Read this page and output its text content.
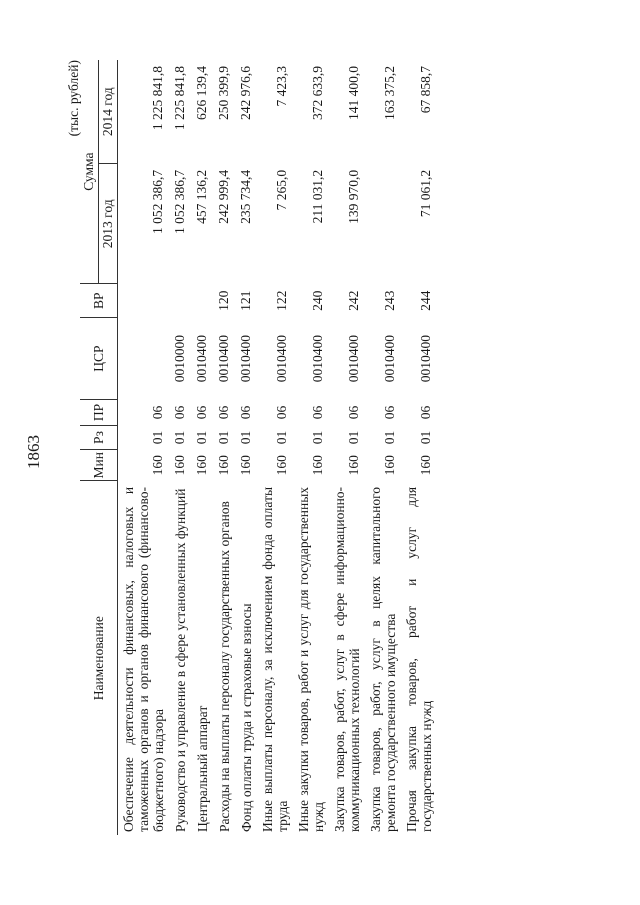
1863
(тыс. рублей)
Наименование	Мин	Рз	ПР	ЦСР	ВР	Сумма	
						2013 год	2014 год
Обеспечение деятельности финансовых, налоговых и таможенных органов и органов финансового (финансово-бюджетного) надзора	160	01	06			1 052 386,7	1 225 841,8
Руководство и управление в сфере установленных функций	160	01	06	0010000		1 052 386,7	1 225 841,8
Центральный аппарат	160	01	06	0010400		457 136,2	626 139,4
Расходы на выплаты персоналу государственных органов	160	01	06	0010400	120	242 999,4	250 399,9
Фонд оплаты труда и страховые взносы	160	01	06	0010400	121	235 734,4	242 976,6
Иные выплаты персоналу, за исключением фонда оплаты труда	160	01	06	0010400	122	7 265,0	7 423,3
Иные закупки товаров, работ и услуг для государственных нужд	160	01	06	0010400	240	211 031,2	372 633,9
Закупка товаров, работ, услуг в сфере информационно-коммуникационных технологий	160	01	06	0010400	242	139 970,0	141 400,0
Закупка товаров, работ, услуг в целях капитального ремонта государственного имущества	160	01	06	0010400	243		163 375,2
Прочая закупка товаров, работ и услуг для государственных нужд	160	01	06	0010400	244	71 061,2	67 858,7
